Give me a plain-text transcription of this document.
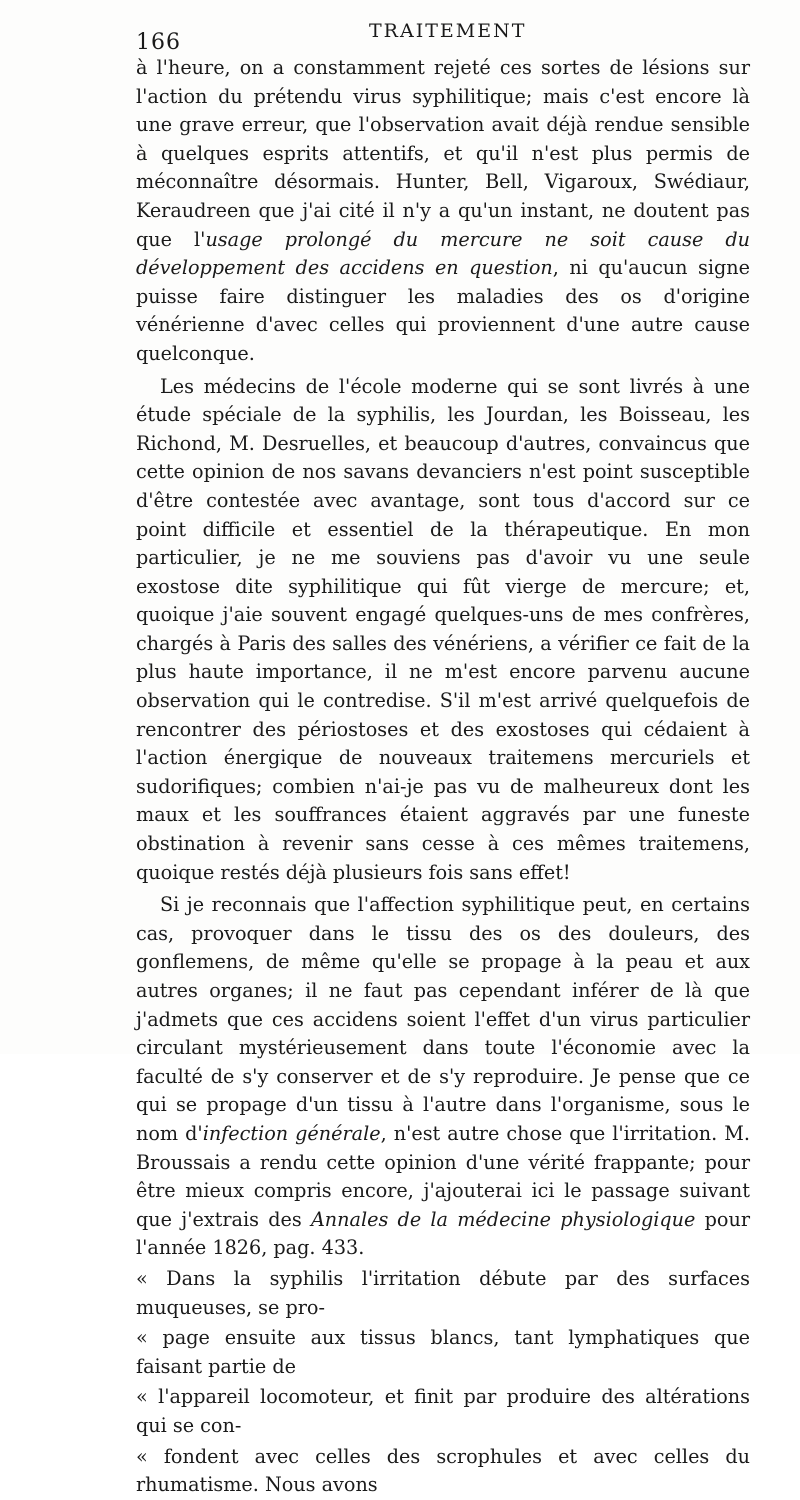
166	TRAITEMENT

à l'heure, on a constamment rejeté ces sortes de lésions sur l'action du prétendu virus syphilitique; mais c'est encore là une grave erreur, que l'observation avait déjà rendue sensible à quelques esprits attentifs, et qu'il n'est plus permis de méconnaître désormais. Hunter, Bell, Vigaroux, Swédiaur, Keraudreen que j'ai cité il n'y a qu'un instant, ne doutent pas que l'usage prolongé du mercure ne soit cause du développement des accidens en question, ni qu'aucun signe puisse faire distinguer les maladies des os d'origine vénérienne d'avec celles qui proviennent d'une autre cause quelconque.

Les médecins de l'école moderne qui se sont livrés à une étude spéciale de la syphilis, les Jourdan, les Boisseau, les Richond, M. Desruelles, et beaucoup d'autres, convaincus que cette opinion de nos savans devanciers n'est point susceptible d'être contestée avec avantage, sont tous d'accord sur ce point difficile et essentiel de la thérapeutique. En mon particulier, je ne me souviens pas d'avoir vu une seule exostose dite syphilitique qui fût vierge de mercure; et, quoique j'aie souvent engagé quelques-uns de mes confrères, chargés à Paris des salles des vénériens, a vérifier ce fait de la plus haute importance, il ne m'est encore parvenu aucune observation qui le contredise. S'il m'est arrivé quelquefois de rencontrer des périostoses et des exostoses qui cédaient à l'action énergique de nouveaux traitemens mercuriels et sudorifiques; combien n'ai-je pas vu de malheureux dont les maux et les souffrances étaient aggravés par une funeste obstination à revenir sans cesse à ces mêmes traitemens, quoique restés déjà plusieurs fois sans effet!

Si je reconnais que l'affection syphilitique peut, en certains cas, provoquer dans le tissu des os des douleurs, des gonflemens, de même qu'elle se propage à la peau et aux autres organes; il ne faut pas cependant inférer de là que j'admets que ces accidens soient l'effet d'un virus particulier circulant mystérieusement dans toute l'économie avec la faculté de s'y conserver et de s'y reproduire. Je pense que ce qui se propage d'un tissu à l'autre dans l'organisme, sous le nom d'infection générale, n'est autre chose que l'irritation. M. Broussais a rendu cette opinion d'une vérité frappante; pour être mieux compris encore, j'ajouterai ici le passage suivant que j'extrais des Annales de la médecine physiologique pour l'année 1826, pag. 433.

« Dans la syphilis l'irritation débute par des surfaces muqueuses, se pro-

« page ensuite aux tissus blancs, tant lymphatiques que faisant partie de

« l'appareil locomoteur, et finit par produire des altérations qui se con-

« fondent avec celles des scrophules et avec celles du rhumatisme. Nous avons
